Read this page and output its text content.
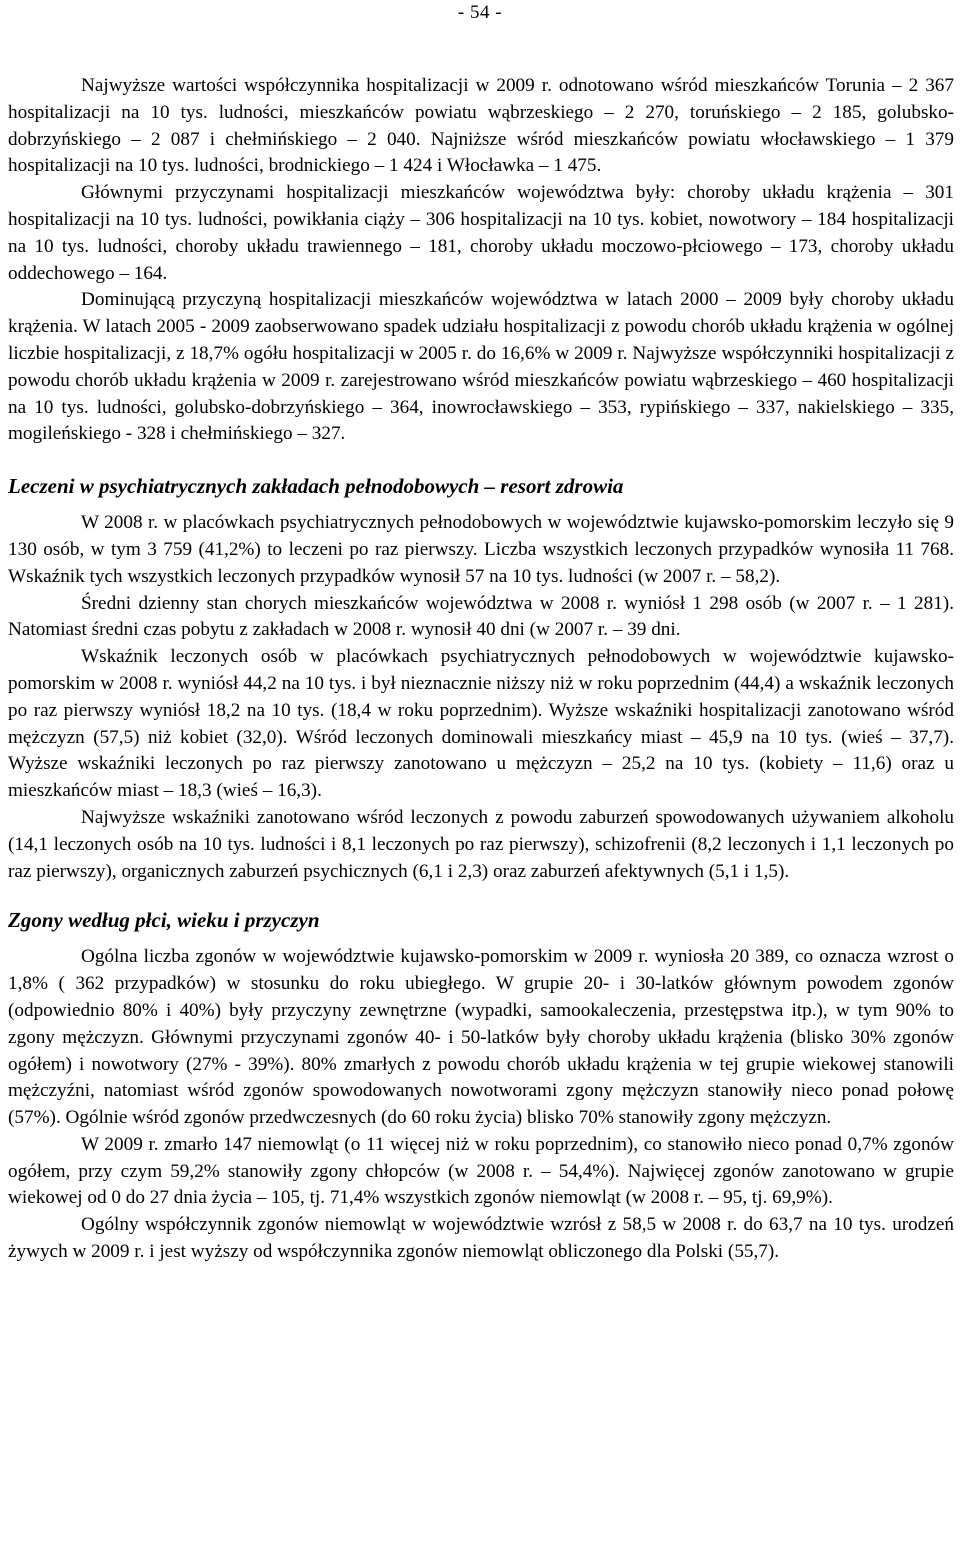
- 54 -

Najwyższe wartości współczynnika hospitalizacji w 2009 r. odnotowano wśród mieszkańców Torunia – 2 367 hospitalizacji na 10 tys. ludności, mieszkańców powiatu wąbrzeskiego – 2 270, toruńskiego – 2 185, golubsko-dobrzyńskiego – 2 087 i chełmińskiego – 2 040. Najniższe wśród mieszkańców powiatu włocławskiego – 1 379 hospitalizacji na 10 tys. ludności, brodnickiego – 1 424 i Włocławka – 1 475.

Głównymi przyczynami hospitalizacji mieszkańców województwa były: choroby układu krążenia – 301 hospitalizacji na 10 tys. ludności, powikłania ciąży – 306 hospitalizacji na 10 tys. kobiet, nowotwory – 184 hospitalizacji na 10 tys. ludności, choroby układu trawiennego – 181, choroby układu moczowo-płciowego – 173, choroby układu oddechowego – 164.

Dominującą przyczyną hospitalizacji mieszkańców województwa w latach 2000 – 2009 były choroby układu krążenia. W latach 2005 - 2009 zaobserwowano spadek udziału hospitalizacji z powodu chorób układu krążenia w ogólnej liczbie hospitalizacji, z 18,7% ogółu hospitalizacji w 2005 r. do 16,6% w 2009 r. Najwyższe współczynniki hospitalizacji z powodu chorób układu krążenia w 2009 r. zarejestrowano wśród mieszkańców powiatu wąbrzeskiego – 460 hospitalizacji na 10 tys. ludności, golubsko-dobrzyńskiego – 364, inowrocławskiego – 353, rypińskiego – 337, nakielskiego – 335, mogileńskiego - 328 i chełmińskiego – 327.

Leczeni w psychiatrycznych zakładach pełnodobowych – resort zdrowia

W 2008 r. w placówkach psychiatrycznych pełnodobowych w województwie kujawsko-pomorskim leczyło się 9 130 osób, w tym 3 759 (41,2%) to leczeni po raz pierwszy. Liczba wszystkich leczonych przypadków wynosiła 11 768. Wskaźnik tych wszystkich leczonych przypadków wynosił 57 na 10 tys. ludności (w 2007 r. – 58,2).

Średni dzienny stan chorych mieszkańców województwa w 2008 r. wyniósł 1 298 osób (w 2007 r. – 1 281). Natomiast średni czas pobytu z zakładach w 2008 r. wynosił 40 dni (w 2007 r. – 39 dni.

Wskaźnik leczonych osób w placówkach psychiatrycznych pełnodobowych w województwie kujawsko-pomorskim w 2008 r. wyniósł 44,2 na 10 tys. i był nieznacznie niższy niż w roku poprzednim (44,4) a wskaźnik leczonych po raz pierwszy wyniósł 18,2 na 10 tys. (18,4 w roku poprzednim). Wyższe wskaźniki hospitalizacji zanotowano wśród mężczyzn (57,5) niż kobiet (32,0). Wśród leczonych dominowali mieszkańcy miast – 45,9 na 10 tys. (wieś – 37,7). Wyższe wskaźniki leczonych po raz pierwszy zanotowano u mężczyzn – 25,2 na 10 tys. (kobiety – 11,6) oraz u mieszkańców miast – 18,3 (wieś – 16,3).

Najwyższe wskaźniki zanotowano wśród leczonych z powodu zaburzeń spowodowanych używaniem alkoholu (14,1 leczonych osób na 10 tys. ludności i 8,1 leczonych po raz pierwszy), schizofrenii (8,2 leczonych i 1,1 leczonych po raz pierwszy), organicznych zaburzeń psychicznych (6,1 i 2,3) oraz zaburzeń afektywnych (5,1 i 1,5).

Zgony według płci, wieku i przyczyn

Ogólna liczba zgonów w województwie kujawsko-pomorskim w 2009 r. wyniosła 20 389, co oznacza wzrost o 1,8% ( 362 przypadków) w stosunku do roku ubiegłego. W grupie 20- i 30-latków głównym powodem zgonów (odpowiednio 80% i 40%) były przyczyny zewnętrzne (wypadki, samookaleczenia, przestępstwa itp.), w tym 90% to zgony mężczyzn. Głównymi przyczynami zgonów 40- i 50-latków były choroby układu krążenia (blisko 30% zgonów ogółem) i nowotwory (27% - 39%). 80% zmarłych z powodu chorób układu krążenia w tej grupie wiekowej stanowili mężczyźni, natomiast wśród zgonów spowodowanych nowotworami zgony mężczyzn stanowiły nieco ponad połowę (57%). Ogólnie wśród zgonów przedwczesnych (do 60 roku życia) blisko 70% stanowiły zgony mężczyzn.

W 2009 r. zmarło 147 niemowląt (o 11 więcej niż w roku poprzednim), co stanowiło nieco ponad 0,7% zgonów ogółem, przy czym 59,2% stanowiły zgony chłopców (w 2008 r. – 54,4%). Najwięcej zgonów zanotowano w grupie wiekowej od 0 do 27 dnia życia – 105, tj. 71,4% wszystkich zgonów niemowląt (w 2008 r. – 95, tj. 69,9%).

Ogólny współczynnik zgonów niemowląt w województwie wzrósł z 58,5 w 2008 r. do 63,7 na 10 tys. urodzeń żywych w 2009 r. i jest wyższy od współczynnika zgonów niemowląt obliczonego dla Polski (55,7).
